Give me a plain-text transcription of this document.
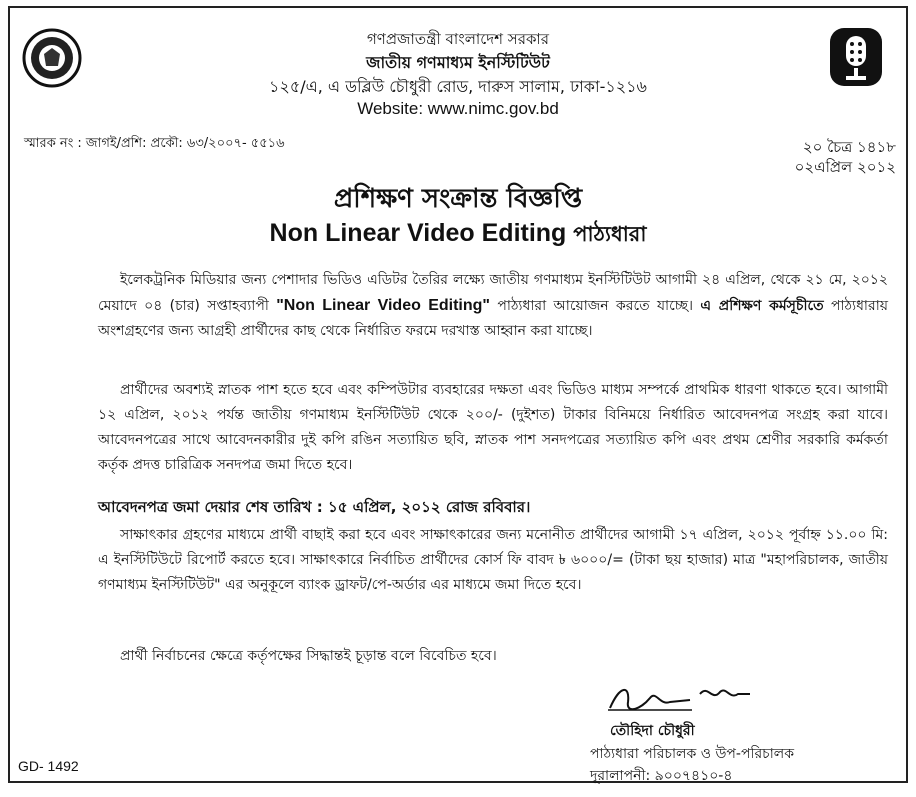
গণপ্রজাতন্ত্রী বাংলাদেশ সরকার
জাতীয় গণমাধ্যম ইনস্টিটিউট
১২৫/এ, এ ডব্লিউ চৌধুরী রোড, দারুস সালাম, ঢাকা-১২১৬
Website: www.nimc.gov.bd
স্মারক নং : জাগই/প্রশি: প্রকৌ: ৬৩/২০০৭- ৫৫১৬	২০ চৈত্র ১৪১৮
০২এপ্রিল ২০১২
প্রশিক্ষণ সংক্রান্ত বিজ্ঞপ্তি
Non Linear Video Editing পাঠ্যধারা
ইলেকট্রনিক মিডিয়ার জন্য পেশাদার ভিডিও এডিটর তৈরির লক্ষ্যে জাতীয় গণমাধ্যম ইনস্টিটিউট আগামী ২৪ এপ্রিল, থেকে ২১ মে, ২০১২ মেয়াদে ০৪ (চার) সপ্তাহব্যাপী "Non Linear Video Editing" পাঠ্যধারা আয়োজন করতে যাচ্ছে। এ প্রশিক্ষণ কর্মসূচীতে পাঠ্যধারায় অংশগ্রহণের জন্য আগ্রহী প্রার্থীদের কাছ থেকে নির্ধারিত ফরমে দরখাস্ত আহ্বান করা যাচ্ছে।
প্রার্থীদের অবশ্যই স্নাতক পাশ হতে হবে এবং কম্পিউটার ব্যবহারের দক্ষতা এবং ভিডিও মাধ্যম সম্পর্কে প্রাথমিক ধারণা থাকতে হবে। আগামী ১২ এপ্রিল, ২০১২ পর্যন্ত জাতীয় গণমাধ্যম ইনস্টিটিউট থেকে ২০০/- (দুইশত) টাকার বিনিময়ে নির্ধারিত আবেদনপত্র সংগ্রহ করা যাবে। আবেদনপত্রের সাথে আবেদনকারীর দুই কপি রঙিন সত্যায়িত ছবি, স্নাতক পাশ সনদপত্রের সত্যায়িত কপি এবং প্রথম শ্রেণীর সরকারি কর্মকর্তা কর্তৃক প্রদত্ত চারিত্রিক সনদপত্র জমা দিতে হবে।
আবেদনপত্র জমা দেয়ার শেষ তারিখ : ১৫ এপ্রিল, ২০১২ রোজ রবিবার।
সাক্ষাৎকার গ্রহণের মাধ্যমে প্রার্থী বাছাই করা হবে এবং সাক্ষাৎকারের জন্য মনোনীত প্রার্থীদের আগামী ১৭ এপ্রিল, ২০১২ পূর্বাহ্ন ১১.০০ মি: এ ইনস্টিটিউটে রিপোর্ট করতে হবে। সাক্ষাৎকারে নির্বাচিত প্রার্থীদের কোর্স ফি বাবদ ৳ ৬০০০/= (টাকা ছয় হাজার) মাত্র "মহাপরিচালক, জাতীয় গণমাধ্যম ইনস্টিটিউট" এর অনুকূলে ব্যাংক ড্রাফট/পে-অর্ডার এর মাধ্যমে জমা দিতে হবে।
প্রার্থী নির্বাচনের ক্ষেত্রে কর্তৃপক্ষের সিদ্ধান্তই চূড়ান্ত বলে বিবেচিত হবে।
তৌহিদা চৌধুরী
পাঠ্যধারা পরিচালক ও উপ-পরিচালক
দূরালাপনী: ৯০০৭৪১০-৪
GD- 1492
